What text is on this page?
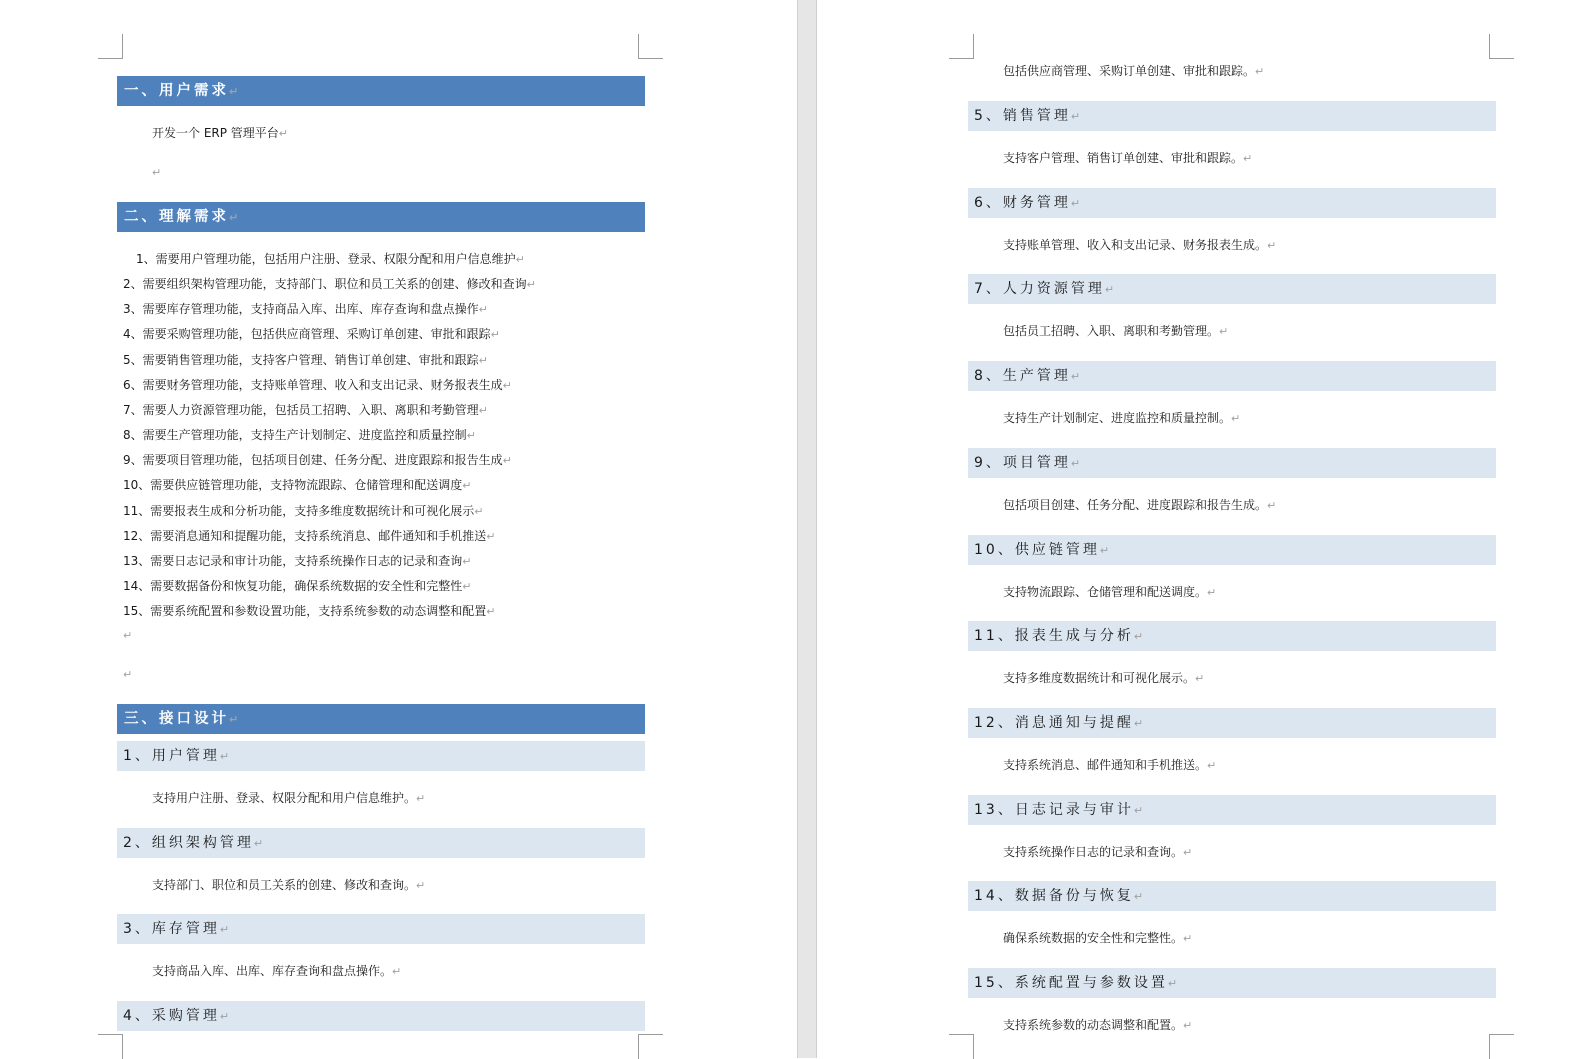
一、用户需求↵
开发一个 ERP 管理平台↵
↵
二、理解需求↵
1、需要用户管理功能，包括用户注册、登录、权限分配和用户信息维护↵
2、需要组织架构管理功能，支持部门、职位和员工关系的创建、修改和查询↵
3、需要库存管理功能，支持商品入库、出库、库存查询和盘点操作↵
4、需要采购管理功能，包括供应商管理、采购订单创建、审批和跟踪↵
5、需要销售管理功能，支持客户管理、销售订单创建、审批和跟踪↵
6、需要财务管理功能，支持账单管理、收入和支出记录、财务报表生成↵
7、需要人力资源管理功能，包括员工招聘、入职、离职和考勤管理↵
8、需要生产管理功能，支持生产计划制定、进度监控和质量控制↵
9、需要项目管理功能，包括项目创建、任务分配、进度跟踪和报告生成↵
10、需要供应链管理功能，支持物流跟踪、仓储管理和配送调度↵
11、需要报表生成和分析功能，支持多维度数据统计和可视化展示↵
12、需要消息通知和提醒功能，支持系统消息、邮件通知和手机推送↵
13、需要日志记录和审计功能，支持系统操作日志的记录和查询↵
14、需要数据备份和恢复功能，确保系统数据的安全性和完整性↵
15、需要系统配置和参数设置功能，支持系统参数的动态调整和配置↵
↵
↵
三、接口设计↵
1、用户管理↵
支持用户注册、登录、权限分配和用户信息维护。↵
2、组织架构管理↵
支持部门、职位和员工关系的创建、修改和查询。↵
3、库存管理↵
支持商品入库、出库、库存查询和盘点操作。↵
4、采购管理↵
包括供应商管理、采购订单创建、审批和跟踪。↵
5、销售管理↵
支持客户管理、销售订单创建、审批和跟踪。↵
6、财务管理↵
支持账单管理、收入和支出记录、财务报表生成。↵
7、人力资源管理↵
包括员工招聘、入职、离职和考勤管理。↵
8、生产管理↵
支持生产计划制定、进度监控和质量控制。↵
9、项目管理↵
包括项目创建、任务分配、进度跟踪和报告生成。↵
10、供应链管理↵
支持物流跟踪、仓储管理和配送调度。↵
11、报表生成与分析↵
支持多维度数据统计和可视化展示。↵
12、消息通知与提醒↵
支持系统消息、邮件通知和手机推送。↵
13、日志记录与审计↵
支持系统操作日志的记录和查询。↵
14、数据备份与恢复↵
确保系统数据的安全性和完整性。↵
15、系统配置与参数设置↵
支持系统参数的动态调整和配置。↵
